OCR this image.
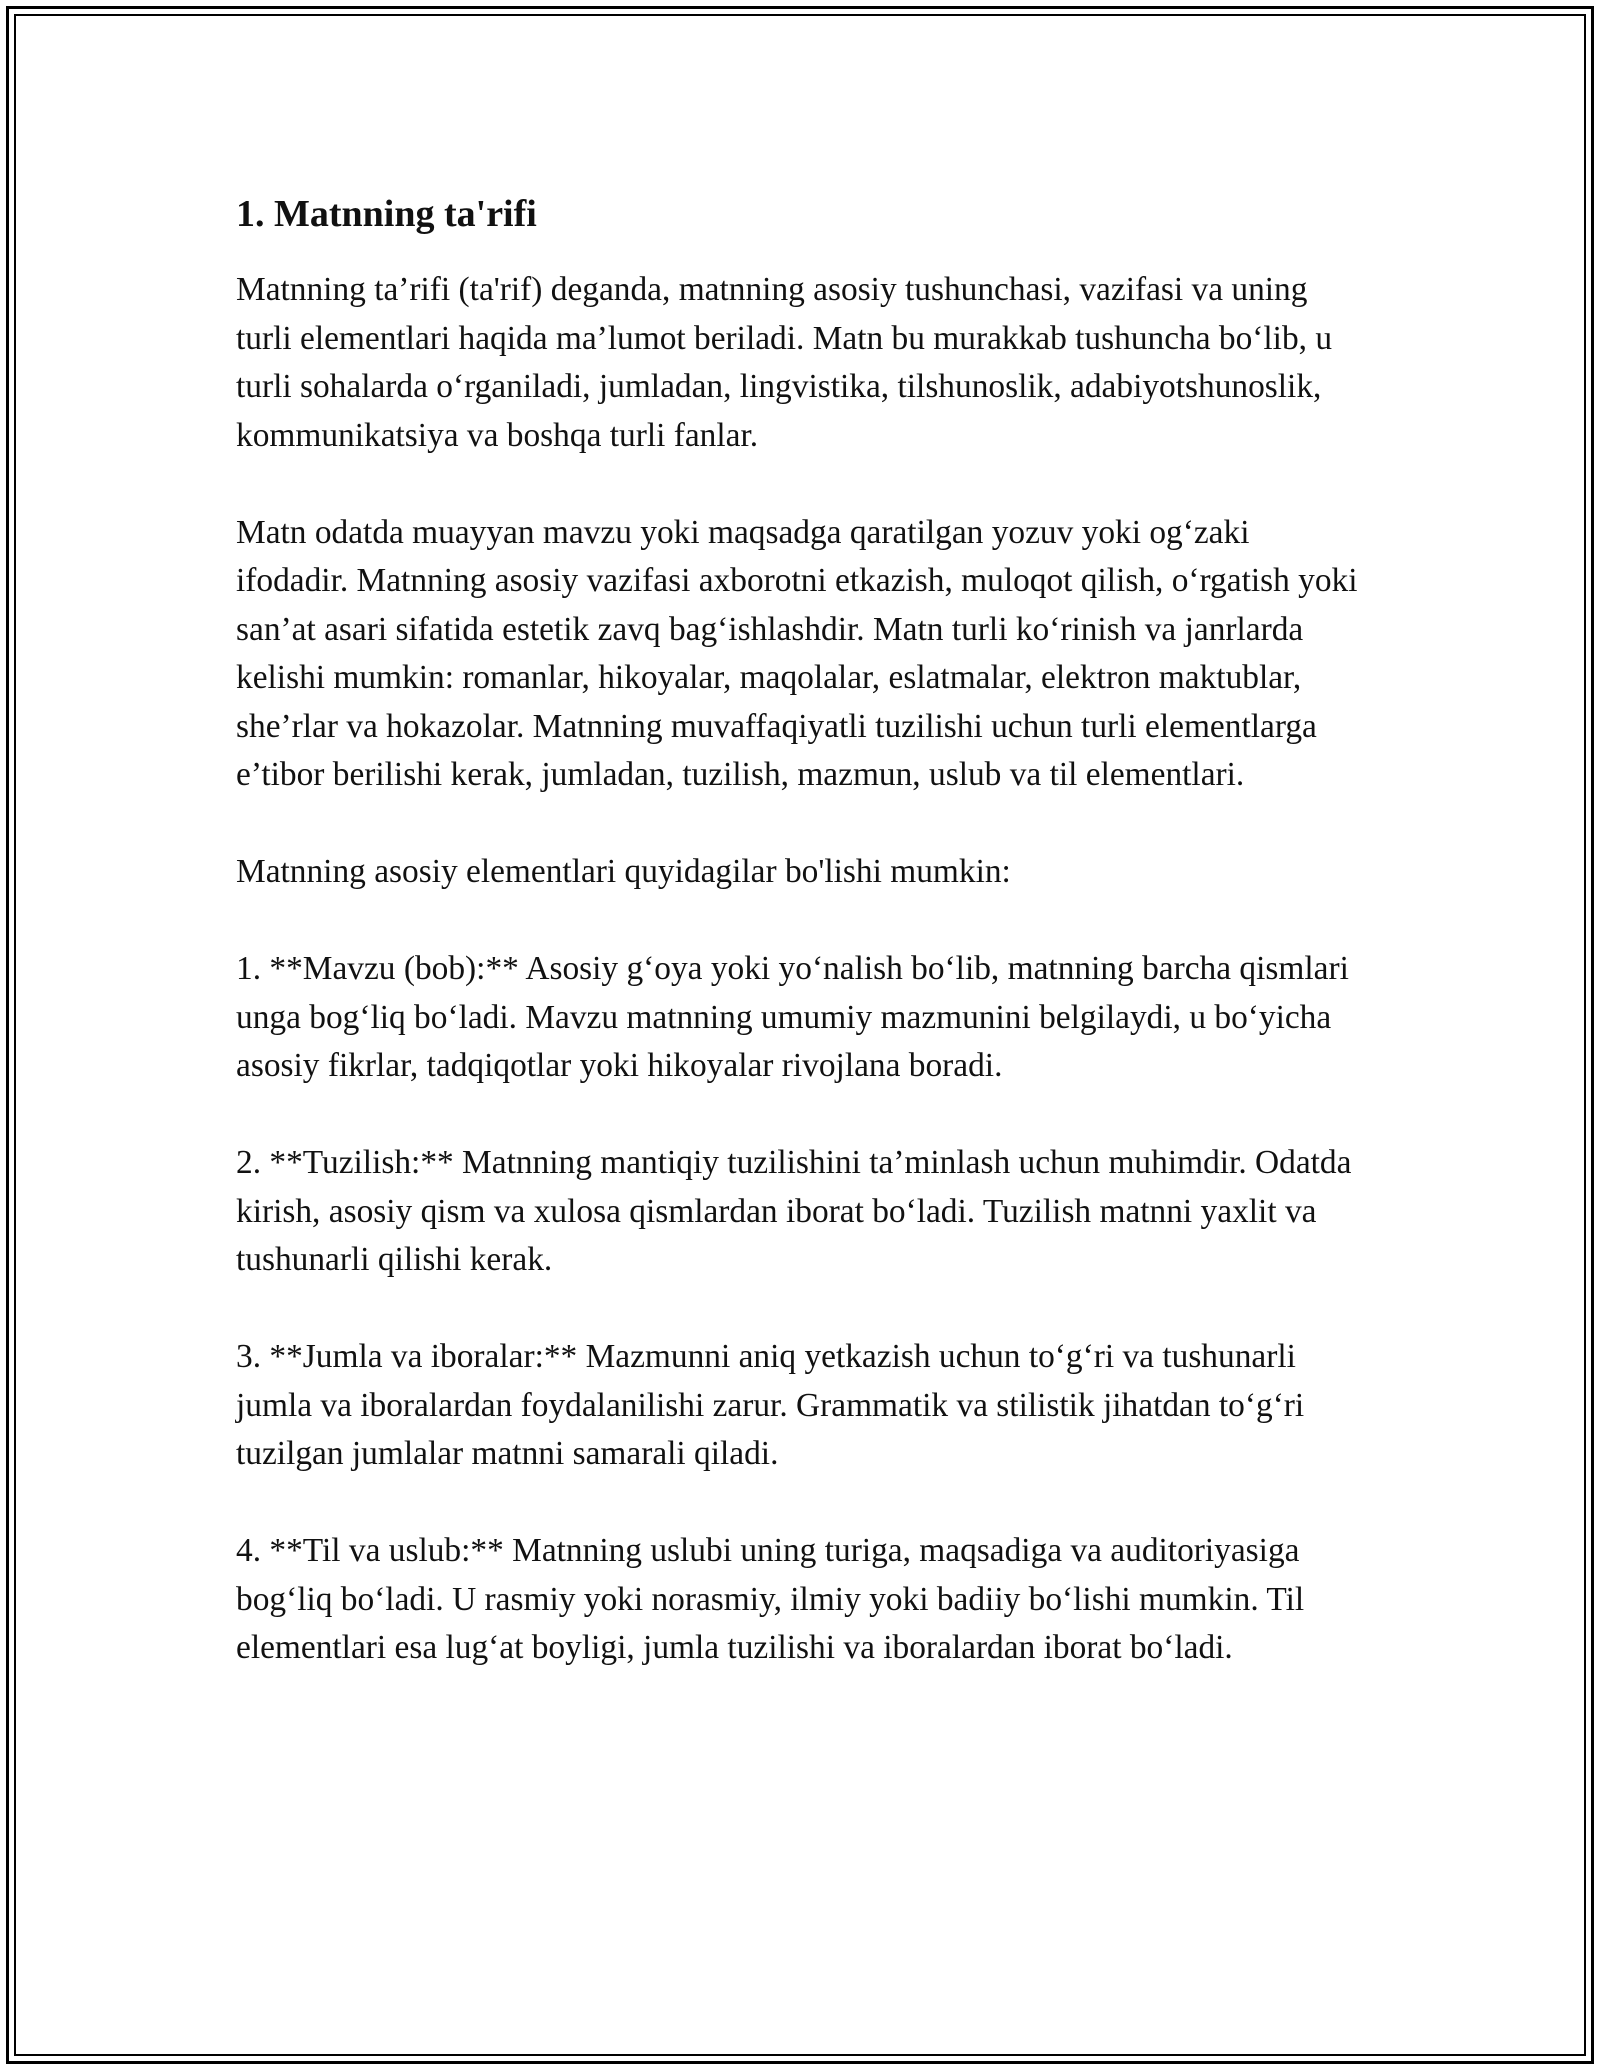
1. Matnning ta'rifi

Matnning ta’rifi (ta'rif) deganda, matnning asosiy tushunchasi, vazifasi va uning turli elementlari haqida ma’lumot beriladi. Matn bu murakkab tushuncha bo‘lib, u turli sohalarda o‘rganiladi, jumladan, lingvistika, tilshunoslik, adabiyotshunoslik, kommunikatsiya va boshqa turli fanlar.

Matn odatda muayyan mavzu yoki maqsadga qaratilgan yozuv yoki og‘zaki ifodadir. Matnning asosiy vazifasi axborotni etkazish, muloqot qilish, o‘rgatish yoki san’at asari sifatida estetik zavq bag‘ishlashdir. Matn turli ko‘rinish va janrlarda kelishi mumkin: romanlar, hikoyalar, maqolalar, eslatmalar, elektron maktublar, she’rlar va hokazolar. Matnning muvaffaqiyatli tuzilishi uchun turli elementlarga e’tibor berilishi kerak, jumladan, tuzilish, mazmun, uslub va til elementlari.

Matnning asosiy elementlari quyidagilar bo'lishi mumkin:

1. **Mavzu (bob):** Asosiy g‘oya yoki yo‘nalish bo‘lib, matnning barcha qismlari unga bog‘liq bo‘ladi. Mavzu matnning umumiy mazmunini belgilaydi, u bo‘yicha asosiy fikrlar, tadqiqotlar yoki hikoyalar rivojlana boradi.

2. **Tuzilish:** Matnning mantiqiy tuzilishini ta’minlash uchun muhimdir. Odatda kirish, asosiy qism va xulosa qismlardan iborat bo‘ladi. Tuzilish matnni yaxlit va tushunarli qilishi kerak.

3. **Jumla va iboralar:** Mazmunni aniq yetkazish uchun to‘g‘ri va tushunarli jumla va iboralardan foydalanilishi zarur. Grammatik va stilistik jihatdan to‘g‘ri tuzilgan jumlalar matnni samarali qiladi.

4. **Til va uslub:** Matnning uslubi uning turiga, maqsadiga va auditoriyasiga bog‘liq bo‘ladi. U rasmiy yoki norasmiy, ilmiy yoki badiiy bo‘lishi mumkin. Til elementlari esa lug‘at boyligi, jumla tuzilishi va iboralardan iborat bo‘ladi.
